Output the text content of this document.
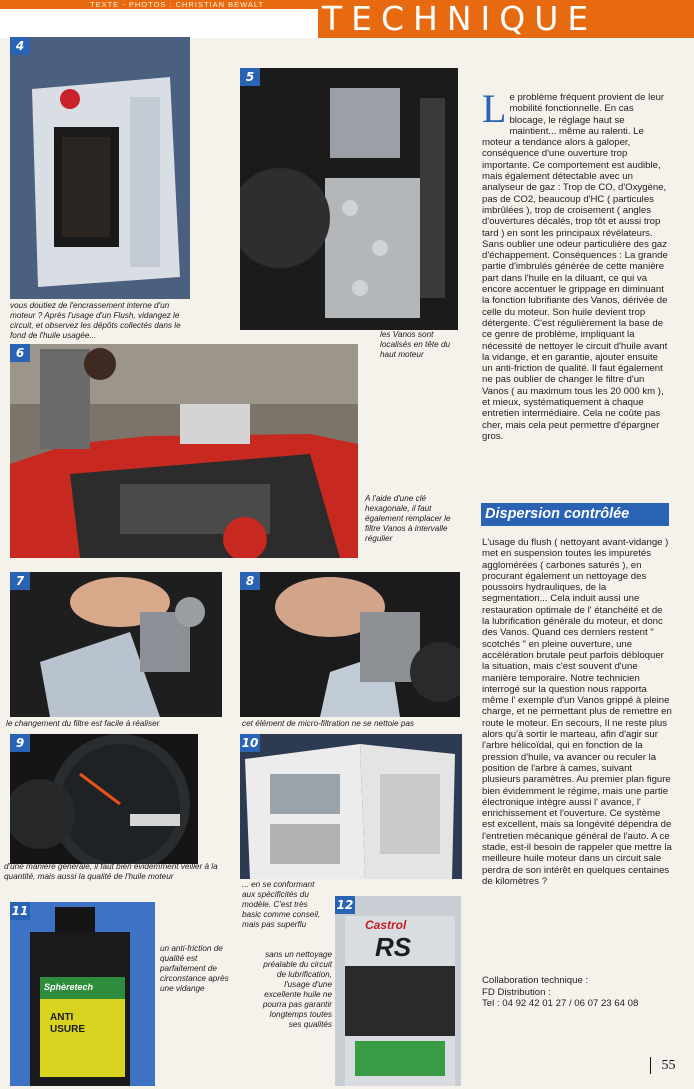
TEXTE - PHOTOS : CHRISTIAN BEWALT TECHNIQUE
4
vous doutiez de l'encrassement interne d'un moteur ? Après l'usage d'un Flush, vidangez le circuit, et observez les dépôts collectés dans le fond de l'huile usagée...
5
les Vanos sont localisés en tête du haut moteur
6
A l'aide d'une clé hexagonale, il faut également remplacer le filtre Vanos à intervalle régulier
7
le changement du filtre est facile à réaliser
8
cet élément de micro-filtration ne se nettoie pas
9
d'une manière générale, il faut bien évidemment veiller à la quantité, mais aussi la qualité de l'huile moteur
10
... en se conformant aux spécificités du modèle. C'est très basic comme conseil, mais pas superflu
11
Sphèretech
ANTI
USURE
un anti-friction de qualité est parfaitement de circonstance après une vidange
12
Castrol
RS
sans un nettoyage préalable du circuit de lubrification, l'usage d'une excellente huile ne pourra pas garantir longtemps toutes ses qualités
L e problème fréquent provient de leur mobilité fonctionnelle. En cas blocage, le réglage haut se maintient... même au ralenti. Le moteur a tendance alors à galoper, conséquence d'une ouverture trop importante. Ce comportement est audible, mais également détectable avec un analyseur de gaz : Trop de CO, d'Oxygène, pas de CO2, beaucoup d'HC ( particules imbrûlées ), trop de croisement ( angles d'ouvertures décalés, trop tôt et aussi trop tard ) en sont les principaux révélateurs. Sans oublier une odeur particulière des gaz d'échappement. Conséquences : La grande partie d'imbrulés générée de cette manière part dans l'huile en la diluant, ce qui va encore accentuer le grippage en diminuant la fonction lubrifiante des Vanos, dérivée de celle du moteur. Son huile devient trop détergente. C'est régulièrement la base de ce genre de problème, impliquant la nécessité de nettoyer le circuit d'huile avant la vidange, et en garantie, ajouter ensuite un anti-friction de qualité. Il faut également ne pas oublier de changer le filtre d'un Vanos ( au maximum tous les 20 000 km ), et mieux, systématiquement à chaque entretien intermédiaire. Cela ne coûte pas cher, mais cela peut permettre d'épargner gros.
Dispersion contrôlée
L'usage du flush ( nettoyant avant-vidange ) met en suspension toutes les impuretés agglomérées ( carbones saturés ), en procurant également un nettoyage des poussoirs hydrauliques, de la segmentation... Cela induit aussi une restauration optimale de l' étanchéité et de la lubrification générale du moteur, et donc des Vanos. Quand ces derniers restent " scotchés " en pleine ouverture, une accélération brutale peut parfois débloquer la situation, mais c'est souvent d'une manière temporaire. Notre technicien interrogé sur la question nous rapporta même l' exemple d'un Vanos grippé à pleine charge, et ne permettant plus de remettre en route le moteur. En secours, Il ne reste plus alors qu'à sortir le marteau, afin d'agir sur l'arbre hélicoïdal, qui en fonction de la pression d'huile, va avancer ou reculer la position de l'arbre à cames, suivant plusieurs paramètres. Au premier plan figure bien évidemment le régime, mais une partie électronique intègre aussi l' avance, l' enrichissement et l'ouverture. Ce système est excellent, mais sa longévité dépendra de l'entretien mécanique général de l'auto. A ce stade, est-il besoin de rappeler que mettre la meilleure huile moteur dans un circuit sale perdra de son intérêt en quelques centaines de kilomètres ?
Collaboration technique :
FD Distribution :
Tel : 04 92 42 01 27 / 06 07 23 64 08
55
